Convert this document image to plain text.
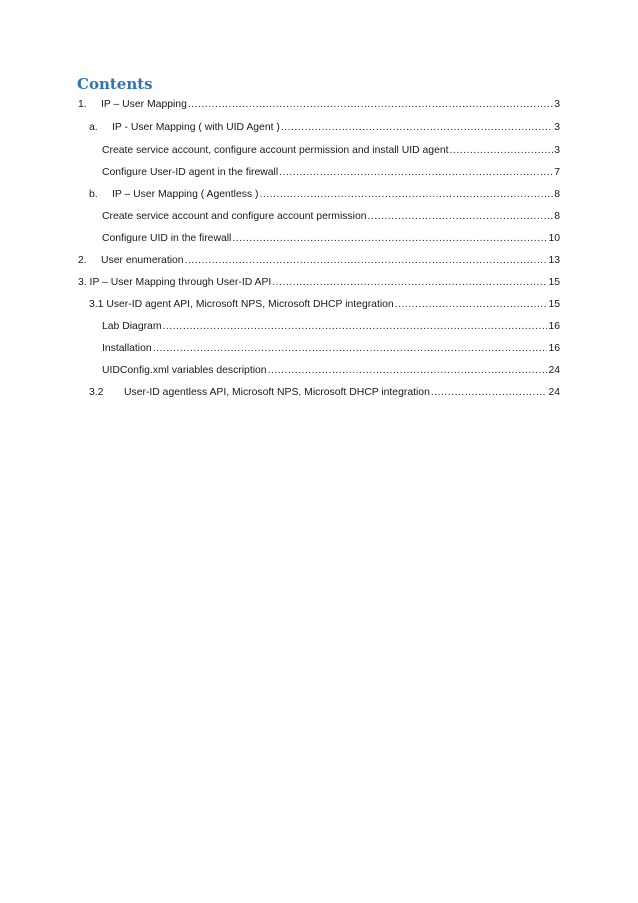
Contents
1.	IP – User Mapping .....	3
a.	IP - User Mapping ( with UID Agent ) .....	3
Create service account, configure account permission and install UID agent .....	3
Configure User-ID agent in the firewall .....	7
b.	IP – User Mapping ( Agentless ) .....	8
Create service account and configure account permission .....	8
Configure UID in the firewall .....	10
2.	User enumeration .....	13
3. IP – User Mapping through User-ID API .....	15
3.1 User-ID agent API, Microsoft NPS, Microsoft DHCP integration .....	15
Lab Diagram .....	16
Installation .....	16
UIDConfig.xml variables description .....	24
3.2	User-ID agentless API, Microsoft NPS, Microsoft DHCP integration .....	24
